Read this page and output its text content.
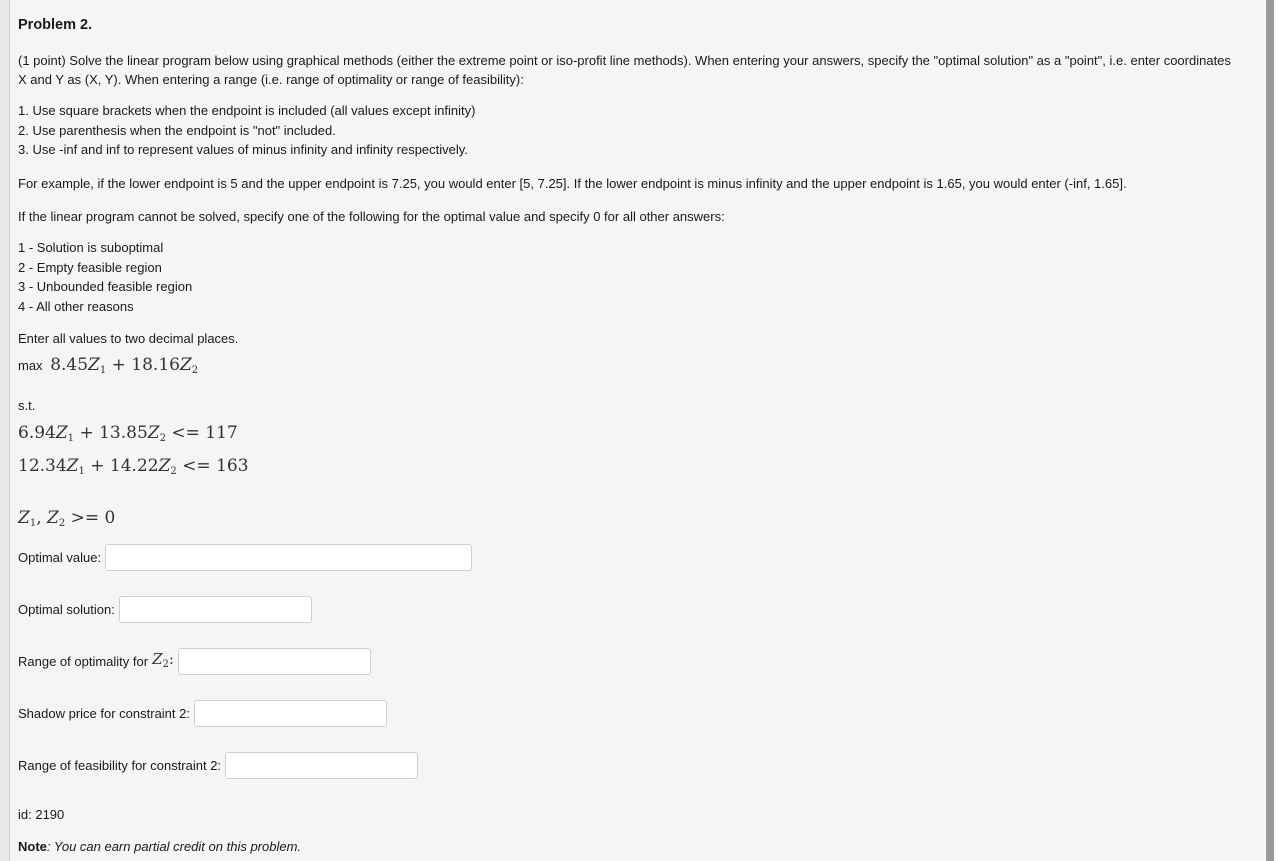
Problem 2.
(1 point) Solve the linear program below using graphical methods (either the extreme point or iso-profit line methods). When entering your answers, specify the "optimal solution" as a "point", i.e. enter coordinates X and Y as (X, Y). When entering a range (i.e. range of optimality or range of feasibility):
1. Use square brackets when the endpoint is included (all values except infinity)
2. Use parenthesis when the endpoint is "not" included.
3. Use -inf and inf to represent values of minus infinity and infinity respectively.
For example, if the lower endpoint is 5 and the upper endpoint is 7.25, you would enter [5, 7.25]. If the lower endpoint is minus infinity and the upper endpoint is 1.65, you would enter (-inf, 1.65].
If the linear program cannot be solved, specify one of the following for the optimal value and specify 0 for all other answers:
1 - Solution is suboptimal
2 - Empty feasible region
3 - Unbounded feasible region
4 - All other reasons
Enter all values to two decimal places.
$\max 8.45Z_1 + 18.16Z_2$
s.t.
$6.94Z_1 + 13.85Z_2 <= 117$
$12.34Z_1 + 14.22Z_2 <= 163$
$Z_1$, $Z_2 >= 0$
Optimal value:
Optimal solution:
Range of optimality for $Z_2$:
Shadow price for constraint 2:
Range of feasibility for constraint 2:
id: 2190
Note: You can earn partial credit on this problem.
